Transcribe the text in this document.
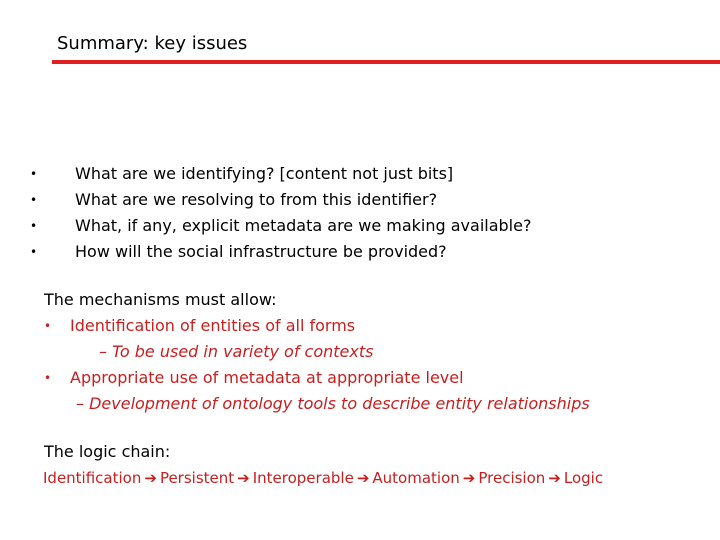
Summary: key issues
•	What are we identifying? [content not just bits]
•	What are we resolving to from this identifier?
•	What, if any, explicit metadata are we making available?
•	How will the social infrastructure be provided?
The mechanisms must allow:
• Identification of entities of all forms
– To be used in variety of contexts
• Appropriate use of metadata at appropriate level
– Development of ontology tools to describe entity relationships
The logic chain:
Identification ➔ Persistent ➔ Interoperable ➔ Automation ➔ Precision ➔ Logic
